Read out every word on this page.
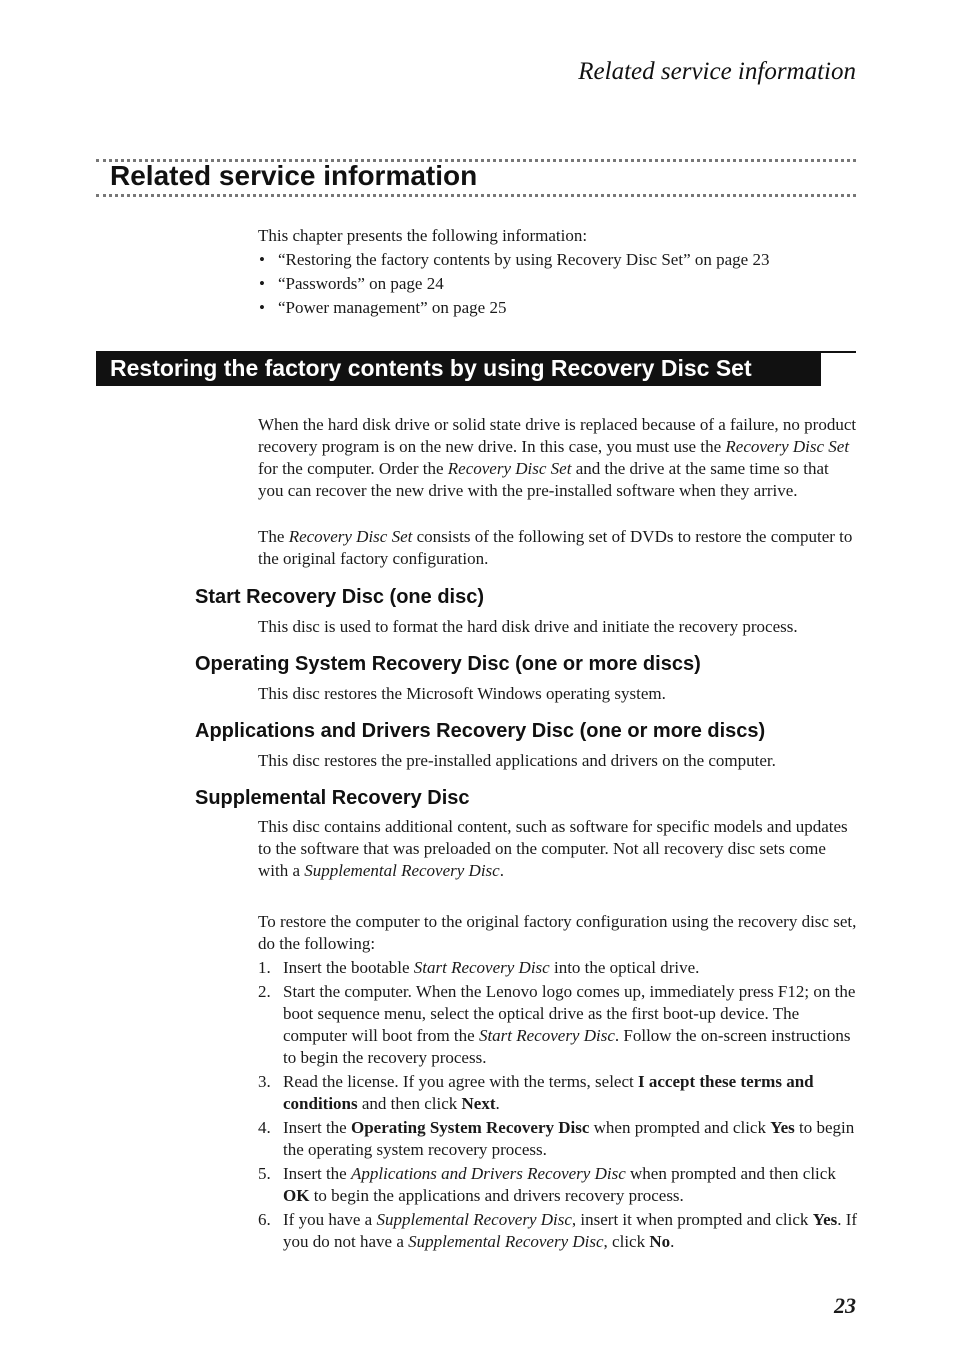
Related service information
Related service information
This chapter presents the following information:
• “Restoring the factory contents by using Recovery Disc Set” on page 23
• “Passwords” on page 24
• “Power management” on page 25
Restoring the factory contents by using Recovery Disc Set

When the hard disk drive or solid state drive is replaced because of a failure, no product recovery program is on the new drive. In this case, you must use the Recovery Disc Set for the computer. Order the Recovery Disc Set and the drive at the same time so that you can recover the new drive with the pre-installed software when they arrive.

The Recovery Disc Set consists of the following set of DVDs to restore the computer to the original factory configuration.

Start Recovery Disc (one disc)

This disc is used to format the hard disk drive and initiate the recovery process.

Operating System Recovery Disc (one or more discs)

This disc restores the Microsoft Windows operating system.

Applications and Drivers Recovery Disc (one or more discs)

This disc restores the pre-installed applications and drivers on the computer.

Supplemental Recovery Disc

This disc contains additional content, such as software for specific models and updates to the software that was preloaded on the computer. Not all recovery disc sets come with a Supplemental Recovery Disc.

To restore the computer to the original factory configuration using the recovery disc set, do the following:

1. Insert the bootable Start Recovery Disc into the optical drive.
2. Start the computer. When the Lenovo logo comes up, immediately press F12; on the boot sequence menu, select the optical drive as the first boot-up device. The computer will boot from the Start Recovery Disc. Follow the on-screen instructions to begin the recovery process.
3. Read the license. If you agree with the terms, select I accept these terms and conditions and then click Next.
4. Insert the Operating System Recovery Disc when prompted and click Yes to begin the operating system recovery process.
5. Insert the Applications and Drivers Recovery Disc when prompted and then click OK to begin the applications and drivers recovery process.
6. If you have a Supplemental Recovery Disc, insert it when prompted and click Yes. If you do not have a Supplemental Recovery Disc, click No.
23
